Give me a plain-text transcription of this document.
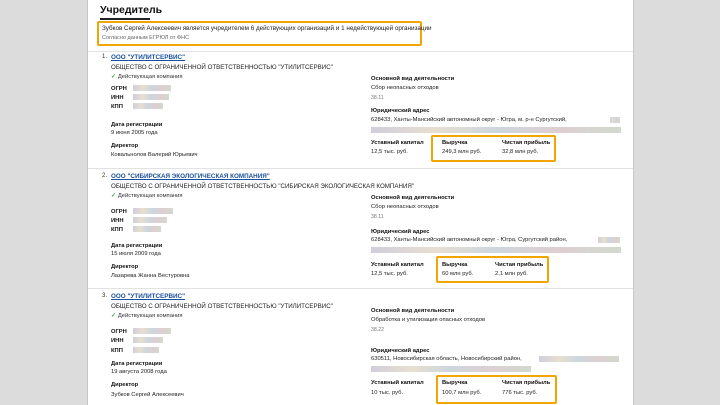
Учредитель
Зубков Сергей Алексеевич является учредителем 6 действующих организаций и 1 недействующей организации
Согласно данным ЕГРЮЛ от ФНС
1. ООО "УТИЛИТСЕРВИС"
ОБЩЕСТВО С ОГРАНИЧЕННОЙ ОТВЕТСТВЕННОСТЬЮ "УТИЛИТСЕРВИС"
✓ Действующая компания
ОГРН
ИНН
КПП
Дата регистрации
9 июня 2005 года
Директор
Ковальнолов Валерий Юрьевич
Основной вид деятельности
Сбор неопасных отходов
38.11
Юридический адрес
628433, Ханты-Мансийский автономный округ - Югра, м. р-н Сургутский,
Уставный капитал
12,5 тыс. руб.
Выручка
249,3 млн руб.
Чистая прибыль
32,8 млн руб.
2. ООО "СИБИРСКАЯ ЭКОЛОГИЧЕСКАЯ КОМПАНИЯ"
ОБЩЕСТВО С ОГРАНИЧЕННОЙ ОТВЕТСТВЕННОСТЬЮ "СИБИРСКАЯ ЭКОЛОГИЧЕСКАЯ КОМПАНИЯ"
✓ Действующая компания
ОГРН
ИНН
КПП
Дата регистрации
15 июля 2009 года
Директор
Лазарева Жанна Вестуровна
Основной вид деятельности
Сбор неопасных отходов
38.11
Юридический адрес
628433, Ханты-Мансийский автономный округ - Югра, Сургутский район,
Уставный капитал
12,5 тыс. руб.
Выручка
60 млн руб.
Чистая прибыль
2,1 млн руб.
3. ООО "УТИЛИТСЕРВИС"
ОБЩЕСТВО С ОГРАНИЧЕННОЙ ОТВЕТСТВЕННОСТЬЮ "УТИЛИТСЕРВИС"
✓ Действующая компания
ОГРН
ИНН
КПП
Дата регистрации
19 августа 2008 года
Директор
Зубков Сергей Алексеевич
Основной вид деятельности
Обработка и утилизация опасных отходов
38.22
Юридический адрес
630511, Новосибирская область, Новосибирский район,
Уставный капитал
10 тыс. руб.
Выручка
100,7 млн руб.
Чистая прибыль
776 тыс. руб.
